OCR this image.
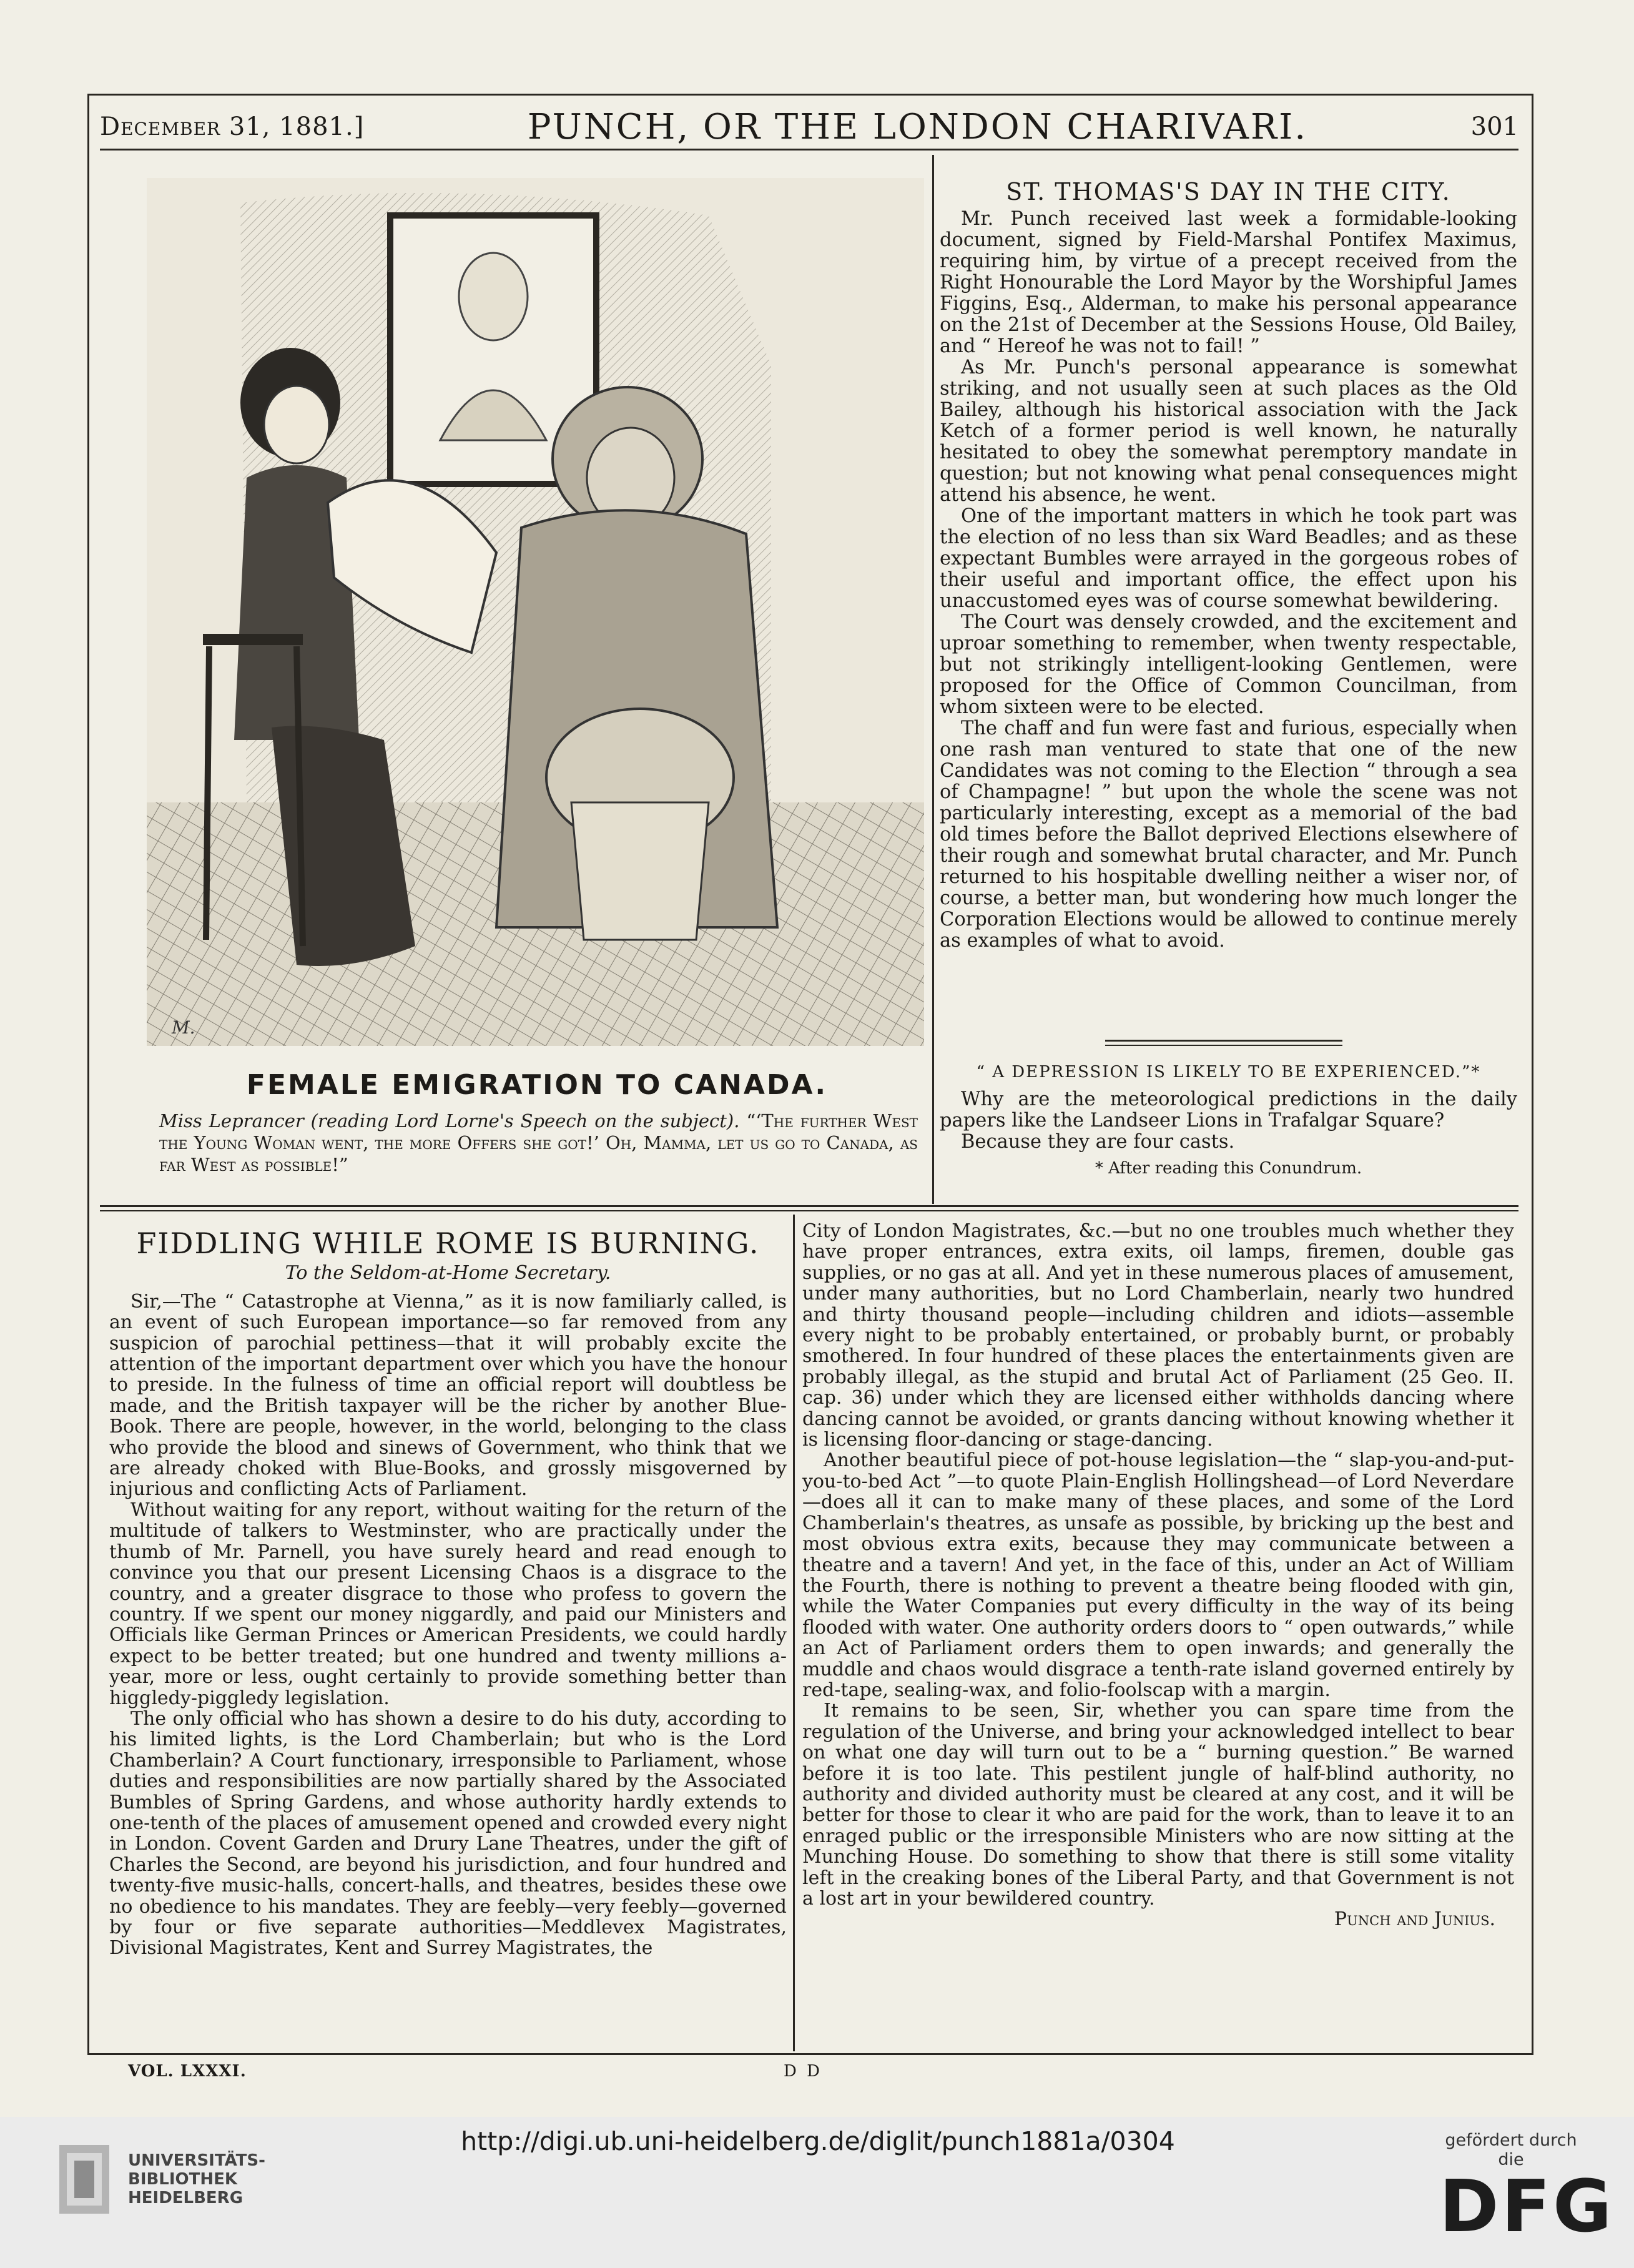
December 31, 1881.]	PUNCH, OR THE LONDON CHARIVARI.	301
M.
FEMALE EMIGRATION TO CANADA.
Miss Leprancer (reading Lord Lorne's Speech on the subject). “‘The further West the Young Woman went, the more Offers she got!’ Oh, Mamma, let us go to Canada, as far West as possible!”
ST. THOMAS'S DAY IN THE CITY.

Mr. Punch received last week a formidable-looking document, signed by Field-Marshal Pontifex Maximus, requiring him, by virtue of a precept received from the Right Honourable the Lord Mayor by the Worshipful James Figgins, Esq., Alderman, to make his personal appearance on the 21st of December at the Sessions House, Old Bailey, and “ Hereof he was not to fail! ”

As Mr. Punch's personal appearance is somewhat striking, and not usually seen at such places as the Old Bailey, although his historical association with the Jack Ketch of a former period is well known, he naturally hesitated to obey the somewhat peremptory mandate in question; but not knowing what penal consequences might attend his absence, he went.

One of the important matters in which he took part was the election of no less than six Ward Beadles; and as these expectant Bumbles were arrayed in the gorgeous robes of their useful and important office, the effect upon his unaccustomed eyes was of course somewhat bewildering.

The Court was densely crowded, and the excitement and uproar something to remember, when twenty respectable, but not strikingly intelligent-looking Gentlemen, were proposed for the Office of Common Councilman, from whom sixteen were to be elected.

The chaff and fun were fast and furious, especially when one rash man ventured to state that one of the new Candidates was not coming to the Election “ through a sea of Champagne! ” but upon the whole the scene was not particularly interesting, except as a memorial of the bad old times before the Ballot deprived Elections elsewhere of their rough and somewhat brutal character, and Mr. Punch returned to his hospitable dwelling neither a wiser nor, of course, a better man, but wondering how much longer the Corporation Elections would be allowed to continue merely as examples of what to avoid.

“ A DEPRESSION IS LIKELY TO BE EXPERIENCED.”*

Why are the meteorological predictions in the daily papers like the Landseer Lions in Trafalgar Square?

Because they are four casts.

* After reading this Conundrum.
FIDDLING WHILE ROME IS BURNING.
To the Seldom-at-Home Secretary.

Sir,—The “ Catastrophe at Vienna,” as it is now familiarly called, is an event of such European importance—so far removed from any suspicion of parochial pettiness—that it will probably excite the attention of the important department over which you have the honour to preside. In the fulness of time an official report will doubtless be made, and the British taxpayer will be the richer by another Blue-Book. There are people, however, in the world, belonging to the class who provide the blood and sinews of Government, who think that we are already choked with Blue-Books, and grossly misgoverned by injurious and conflicting Acts of Parliament.

Without waiting for any report, without waiting for the return of the multitude of talkers to Westminster, who are practically under the thumb of Mr. Parnell, you have surely heard and read enough to convince you that our present Licensing Chaos is a disgrace to the country, and a greater disgrace to those who profess to govern the country. If we spent our money niggardly, and paid our Ministers and Officials like German Princes or American Presidents, we could hardly expect to be better treated; but one hundred and twenty millions a-year, more or less, ought certainly to provide something better than higgledy-piggledy legislation.

The only official who has shown a desire to do his duty, according to his limited lights, is the Lord Chamberlain; but who is the Lord Chamberlain? A Court functionary, irresponsible to Parliament, whose duties and responsibilities are now partially shared by the Associated Bumbles of Spring Gardens, and whose authority hardly extends to one-tenth of the places of amusement opened and crowded every night in London. Covent Garden and Drury Lane Theatres, under the gift of Charles the Second, are beyond his jurisdiction, and four hundred and twenty-five music-halls, concert-halls, and theatres, besides these owe no obedience to his mandates. They are feebly—very feebly—governed by four or five separate authorities—Meddlevex Magistrates, Divisional Magistrates, Kent and Surrey Magistrates, the

City of London Magistrates, &c.—but no one troubles much whether they have proper entrances, extra exits, oil lamps, firemen, double gas supplies, or no gas at all. And yet in these numerous places of amusement, under many authorities, but no Lord Chamberlain, nearly two hundred and thirty thousand people—including children and idiots—assemble every night to be probably entertained, or probably burnt, or probably smothered. In four hundred of these places the entertainments given are probably illegal, as the stupid and brutal Act of Parliament (25 Geo. II. cap. 36) under which they are licensed either withholds dancing where dancing cannot be avoided, or grants dancing without knowing whether it is licensing floor-dancing or stage-dancing.

Another beautiful piece of pot-house legislation—the “ slap-you-and-put-you-to-bed Act ”—to quote Plain-English Hollingshead—of Lord Neverdare—does all it can to make many of these places, and some of the Lord Chamberlain's theatres, as unsafe as possible, by bricking up the best and most obvious extra exits, because they may communicate between a theatre and a tavern! And yet, in the face of this, under an Act of William the Fourth, there is nothing to prevent a theatre being flooded with gin, while the Water Companies put every difficulty in the way of its being flooded with water. One authority orders doors to “ open outwards,” while an Act of Parliament orders them to open inwards; and generally the muddle and chaos would disgrace a tenth-rate island governed entirely by red-tape, sealing-wax, and folio-foolscap with a margin.

It remains to be seen, Sir, whether you can spare time from the regulation of the Universe, and bring your acknowledged intellect to bear on what one day will turn out to be a “ burning question.” Be warned before it is too late. This pestilent jungle of half-blind authority, no authority and divided authority must be cleared at any cost, and it will be better for those to clear it who are paid for the work, than to leave it to an enraged public or the irresponsible Ministers who are now sitting at the Munching House. Do something to show that there is still some vitality left in the creaking bones of the Liberal Party, and that Government is not a lost art in your bewildered country.

Punch and Junius.
VOL. LXXXI.	D D
UNIVERSITÄTS-
BIBLIOTHEK
HEIDELBERG
http://digi.ub.uni-heidelberg.de/diglit/punch1881a/0304	gefördert durch die
DFG
